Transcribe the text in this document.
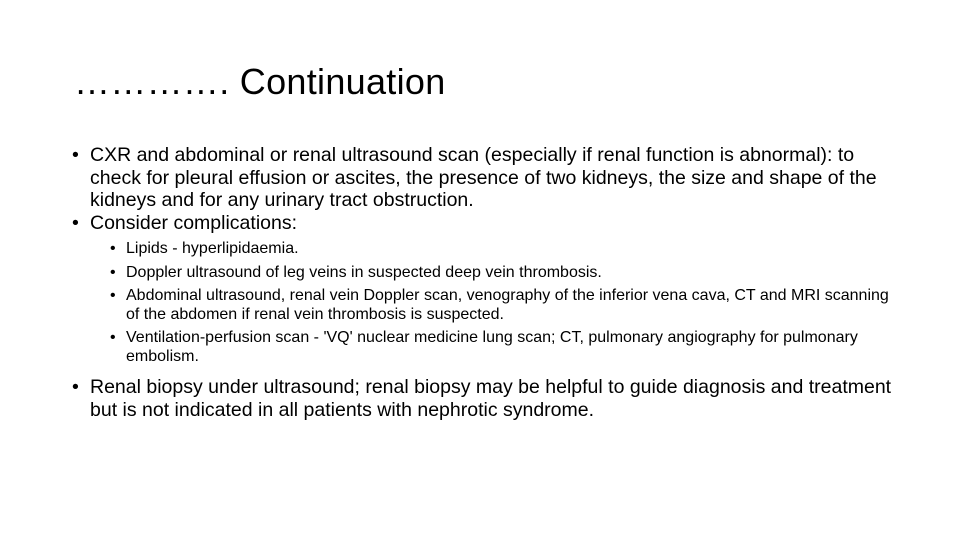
…………. Continuation
• CXR and abdominal or renal ultrasound scan (especially if renal function is abnormal): to check for pleural effusion or ascites, the presence of two kidneys, the size and shape of the kidneys and for any urinary tract obstruction.
• Consider complications:
• Lipids - hyperlipidaemia.
• Doppler ultrasound of leg veins in suspected deep vein thrombosis.
• Abdominal ultrasound, renal vein Doppler scan, venography of the inferior vena cava, CT and MRI scanning of the abdomen if renal vein thrombosis is suspected.
• Ventilation-perfusion scan - 'VQ' nuclear medicine lung scan; CT, pulmonary angiography for pulmonary embolism.
• Renal biopsy under ultrasound; renal biopsy may be helpful to guide diagnosis and treatment but is not indicated in all patients with nephrotic syndrome.
